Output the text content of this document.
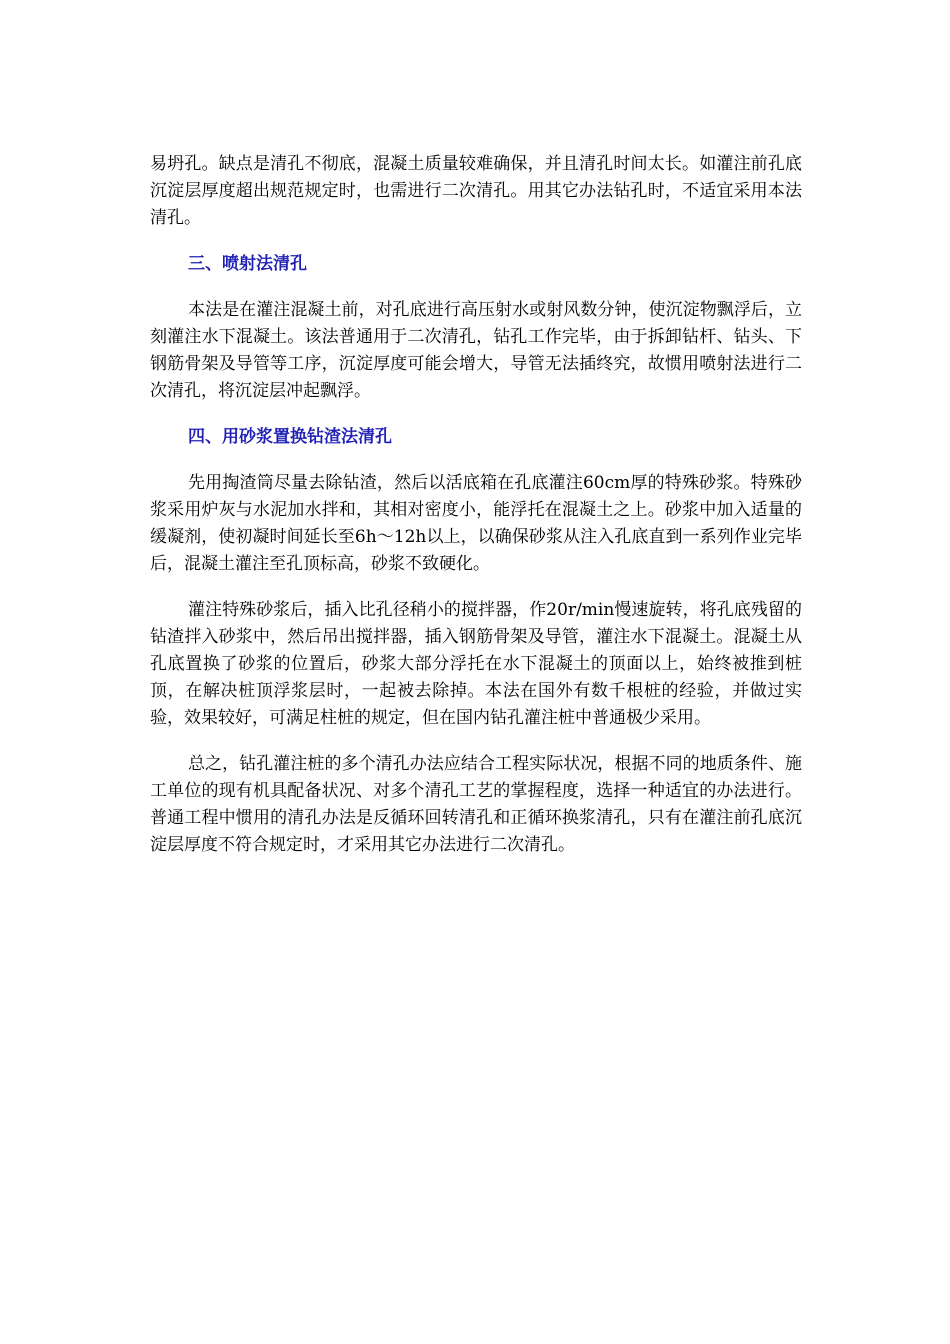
易坍孔。缺点是清孔不彻底，混凝土质量较难确保，并且清孔时间太长。如灌注前孔底沉淀层厚度超出规范规定时，也需进行二次清孔。用其它办法钻孔时，不适宜采用本法清孔。

三、喷射法清孔

本法是在灌注混凝土前，对孔底进行高压射水或射风数分钟，使沉淀物飘浮后，立刻灌注水下混凝土。该法普通用于二次清孔，钻孔工作完毕，由于拆卸钻杆、钻头、下钢筋骨架及导管等工序，沉淀厚度可能会增大，导管无法插终究，故惯用喷射法进行二次清孔，将沉淀层冲起飘浮。

四、用砂浆置换钻渣法清孔

先用掏渣筒尽量去除钻渣，然后以活底箱在孔底灌注60cm厚的特殊砂浆。特殊砂浆采用炉灰与水泥加水拌和，其相对密度小，能浮托在混凝土之上。砂浆中加入适量的缓凝剂，使初凝时间延长至6h～12h以上，以确保砂浆从注入孔底直到一系列作业完毕后，混凝土灌注至孔顶标高，砂浆不致硬化。

灌注特殊砂浆后，插入比孔径稍小的搅拌器，作20r/min慢速旋转，将孔底残留的钻渣拌入砂浆中，然后吊出搅拌器，插入钢筋骨架及导管，灌注水下混凝土。混凝土从孔底置换了砂浆的位置后，砂浆大部分浮托在水下混凝土的顶面以上，始终被推到桩顶，在解决桩顶浮浆层时，一起被去除掉。本法在国外有数千根桩的经验，并做过实验，效果较好，可满足柱桩的规定，但在国内钻孔灌注桩中普通极少采用。

总之，钻孔灌注桩的多个清孔办法应结合工程实际状况，根据不同的地质条件、施工单位的现有机具配备状况、对多个清孔工艺的掌握程度，选择一种适宜的办法进行。普通工程中惯用的清孔办法是反循环回转清孔和正循环换浆清孔，只有在灌注前孔底沉淀层厚度不符合规定时，才采用其它办法进行二次清孔。
